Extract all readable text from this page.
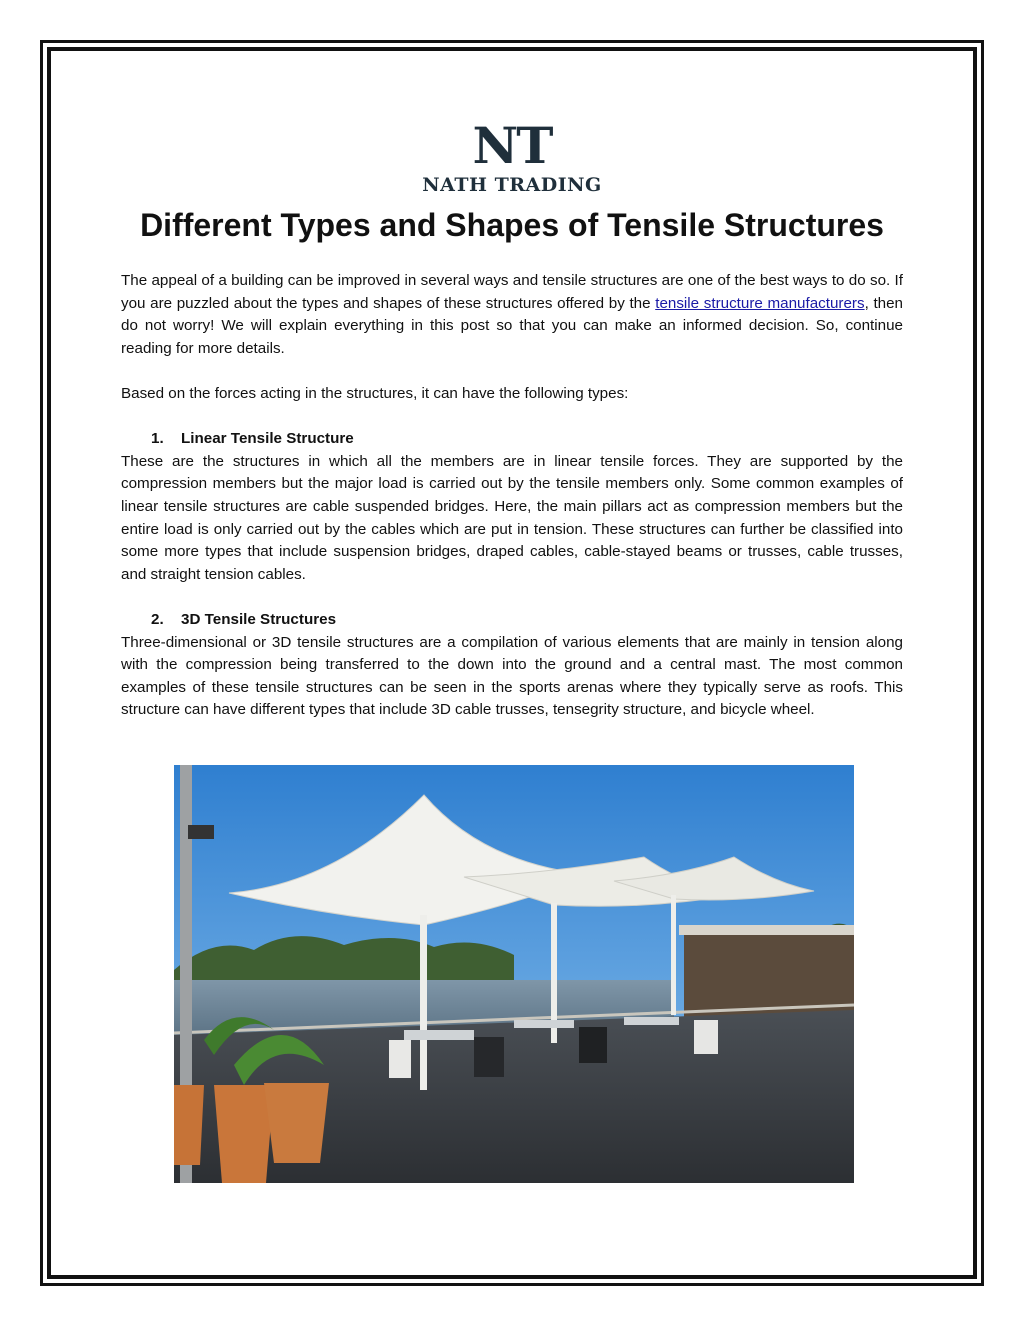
NT
NATH TRADING
Different Types and Shapes of Tensile Structures

The appeal of a building can be improved in several ways and tensile structures are one of the best ways to do so. If you are puzzled about the types and shapes of these structures offered by the tensile structure manufacturers, then do not worry! We will explain everything in this post so that you can make an informed decision. So, continue reading for more details.

Based on the forces acting in the structures, it can have the following types:

1. Linear Tensile Structure

These are the structures in which all the members are in linear tensile forces. They are supported by the compression members but the major load is carried out by the tensile members only. Some common examples of linear tensile structures are cable suspended bridges. Here, the main pillars act as compression members but the entire load is only carried out by the cables which are put in tension. These structures can further be classified into some more types that include suspension bridges, draped cables, cable-stayed beams or trusses, cable trusses, and straight tension cables.

2. 3D Tensile Structures

Three-dimensional or 3D tensile structures are a compilation of various elements that are mainly in tension along with the compression being transferred to the down into the ground and a central mast. The most common examples of these tensile structures can be seen in the sports arenas where they typically serve as roofs. This structure can have different types that include 3D cable trusses, tensegrity structure, and bicycle wheel.
